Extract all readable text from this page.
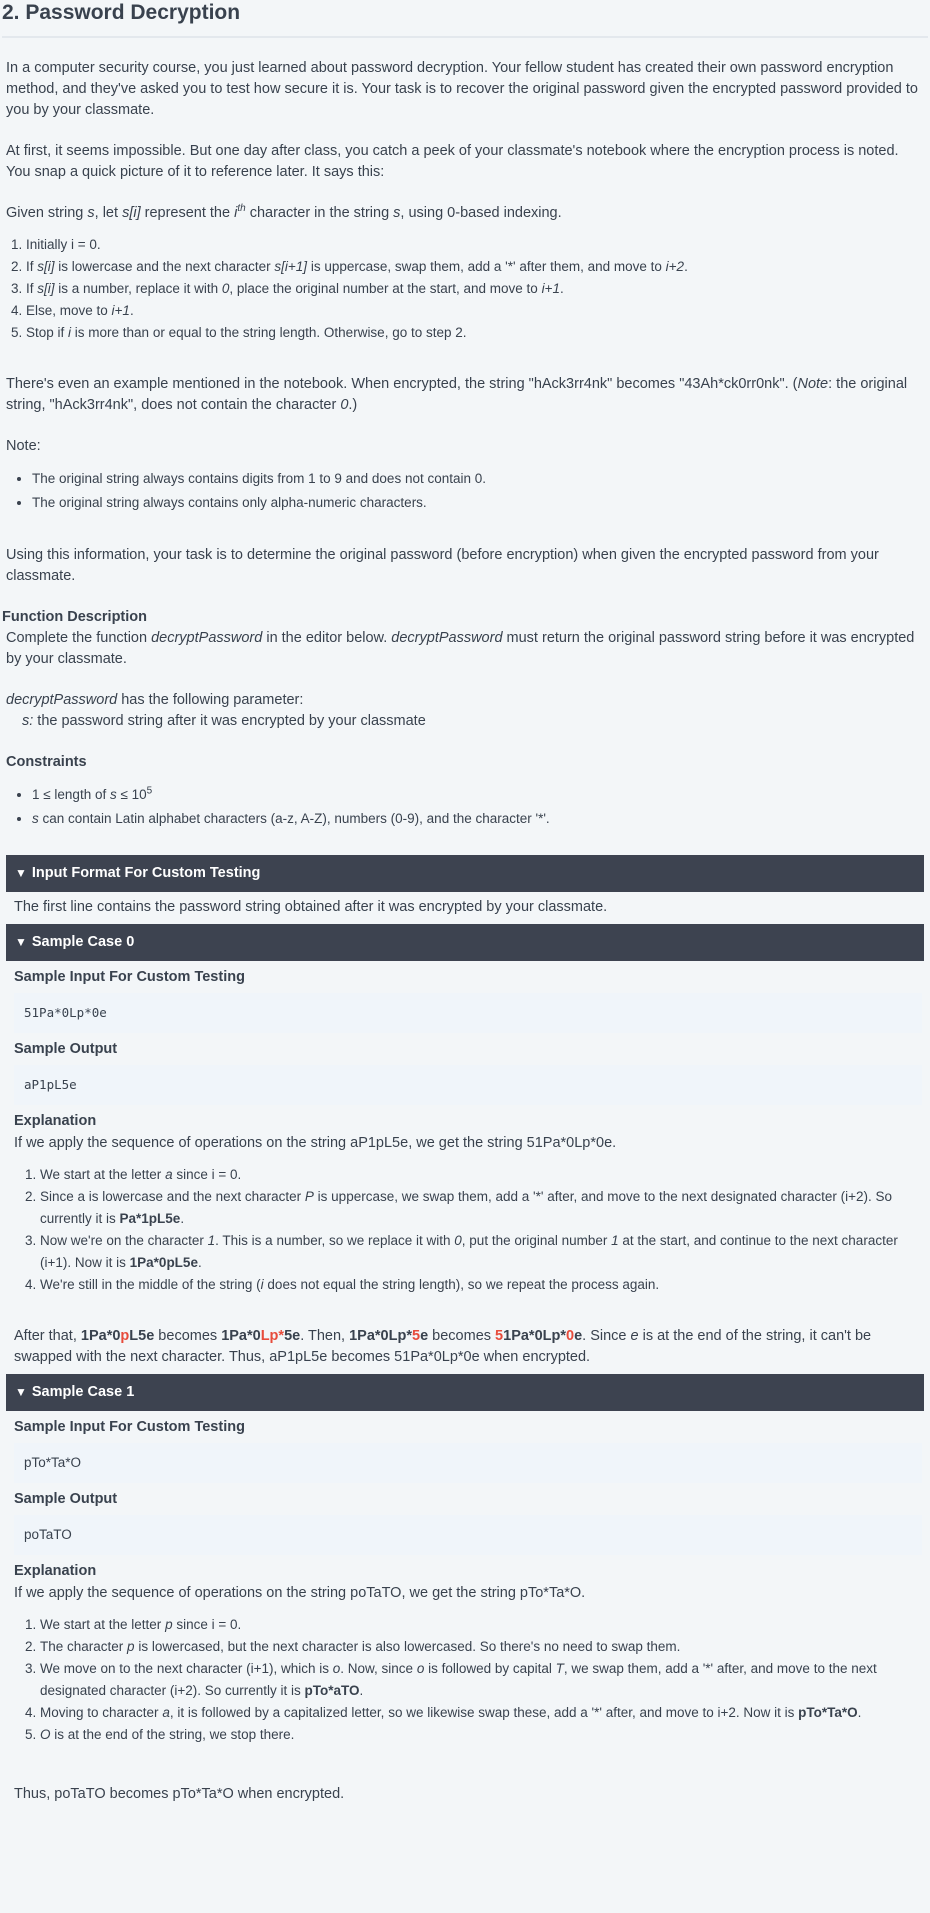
2. Password Decryption

In a computer security course, you just learned about password decryption. Your fellow student has created their own password encryption method, and they've asked you to test how secure it is. Your task is to recover the original password given the encrypted password provided to you by your classmate.

At first, it seems impossible. But one day after class, you catch a peek of your classmate's notebook where the encryption process is noted. You snap a quick picture of it to reference later. It says this:

Given string s, let s[i] represent the $i^{th}$ character in the string s, using 0-based indexing.

1. Initially i = 0.
2. If s[i] is lowercase and the next character s[i+1] is uppercase, swap them, add a '*' after them, and move to i+2.
3. If s[i] is a number, replace it with 0, place the original number at the start, and move to i+1.
4. Else, move to i+1.
5. Stop if i is more than or equal to the string length. Otherwise, go to step 2.

There's even an example mentioned in the notebook. When encrypted, the string "hAck3rr4nk" becomes "43Ah*ck0rr0nk". (Note: the original string, "hAck3rr4nk", does not contain the character 0.)

Note:

• The original string always contains digits from 1 to 9 and does not contain 0.
• The original string always contains only alpha-numeric characters.

Using this information, your task is to determine the original password (before encryption) when given the encrypted password from your classmate.

Function Description

Complete the function decryptPassword in the editor below. decryptPassword must return the original password string before it was encrypted by your classmate.

decryptPassword has the following parameter:

s: the password string after it was encrypted by your classmate

Constraints
• 1 ≤ length of $s \le 10^5$
• s can contain Latin alphabet characters (a-z, A-Z), numbers (0-9), and the character '*'.
▼ Input Format For Custom Testing

The first line contains the password string obtained after it was encrypted by your classmate.

▼ Sample Case 0
Sample Input For Custom Testing
51Pa*0Lp*0e
Sample Output
aP1pL5e
Explanation

If we apply the sequence of operations on the string aP1pL5e, we get the string 51Pa*0Lp*0e.

1. We start at the letter a since i = 0.
2. Since a is lowercase and the next character P is uppercase, we swap them, add a '*' after, and move to the next designated character (i+2). So currently it is Pa*1pL5e.
3. Now we're on the character 1. This is a number, so we replace it with 0, put the original number 1 at the start, and continue to the next character (i+1). Now it is 1Pa*0pL5e.
4. We're still in the middle of the string (i does not equal the string length), so we repeat the process again.

After that, 1Pa*0pL5e becomes 1Pa*0Lp*5e. Then, 1Pa*0Lp*5e becomes 51Pa*0Lp*0e. Since e is at the end of the string, it can't be swapped with the next character. Thus, aP1pL5e becomes 51Pa*0Lp*0e when encrypted.

▼ Sample Case 1
Sample Input For Custom Testing
pTo*Ta*O
Sample Output
poTaTO
Explanation

If we apply the sequence of operations on the string poTaTO, we get the string pTo*Ta*O.

1. We start at the letter p since i = 0.
2. The character p is lowercased, but the next character is also lowercased. So there's no need to swap them.
3. We move on to the next character (i+1), which is o. Now, since o is followed by capital T, we swap them, add a '*' after, and move to the next designated character (i+2). So currently it is pTo*aTO.
4. Moving to character a, it is followed by a capitalized letter, so we likewise swap these, add a '*' after, and move to i+2. Now it is pTo*Ta*O.
5. O is at the end of the string, we stop there.

Thus, poTaTO becomes pTo*Ta*O when encrypted.
